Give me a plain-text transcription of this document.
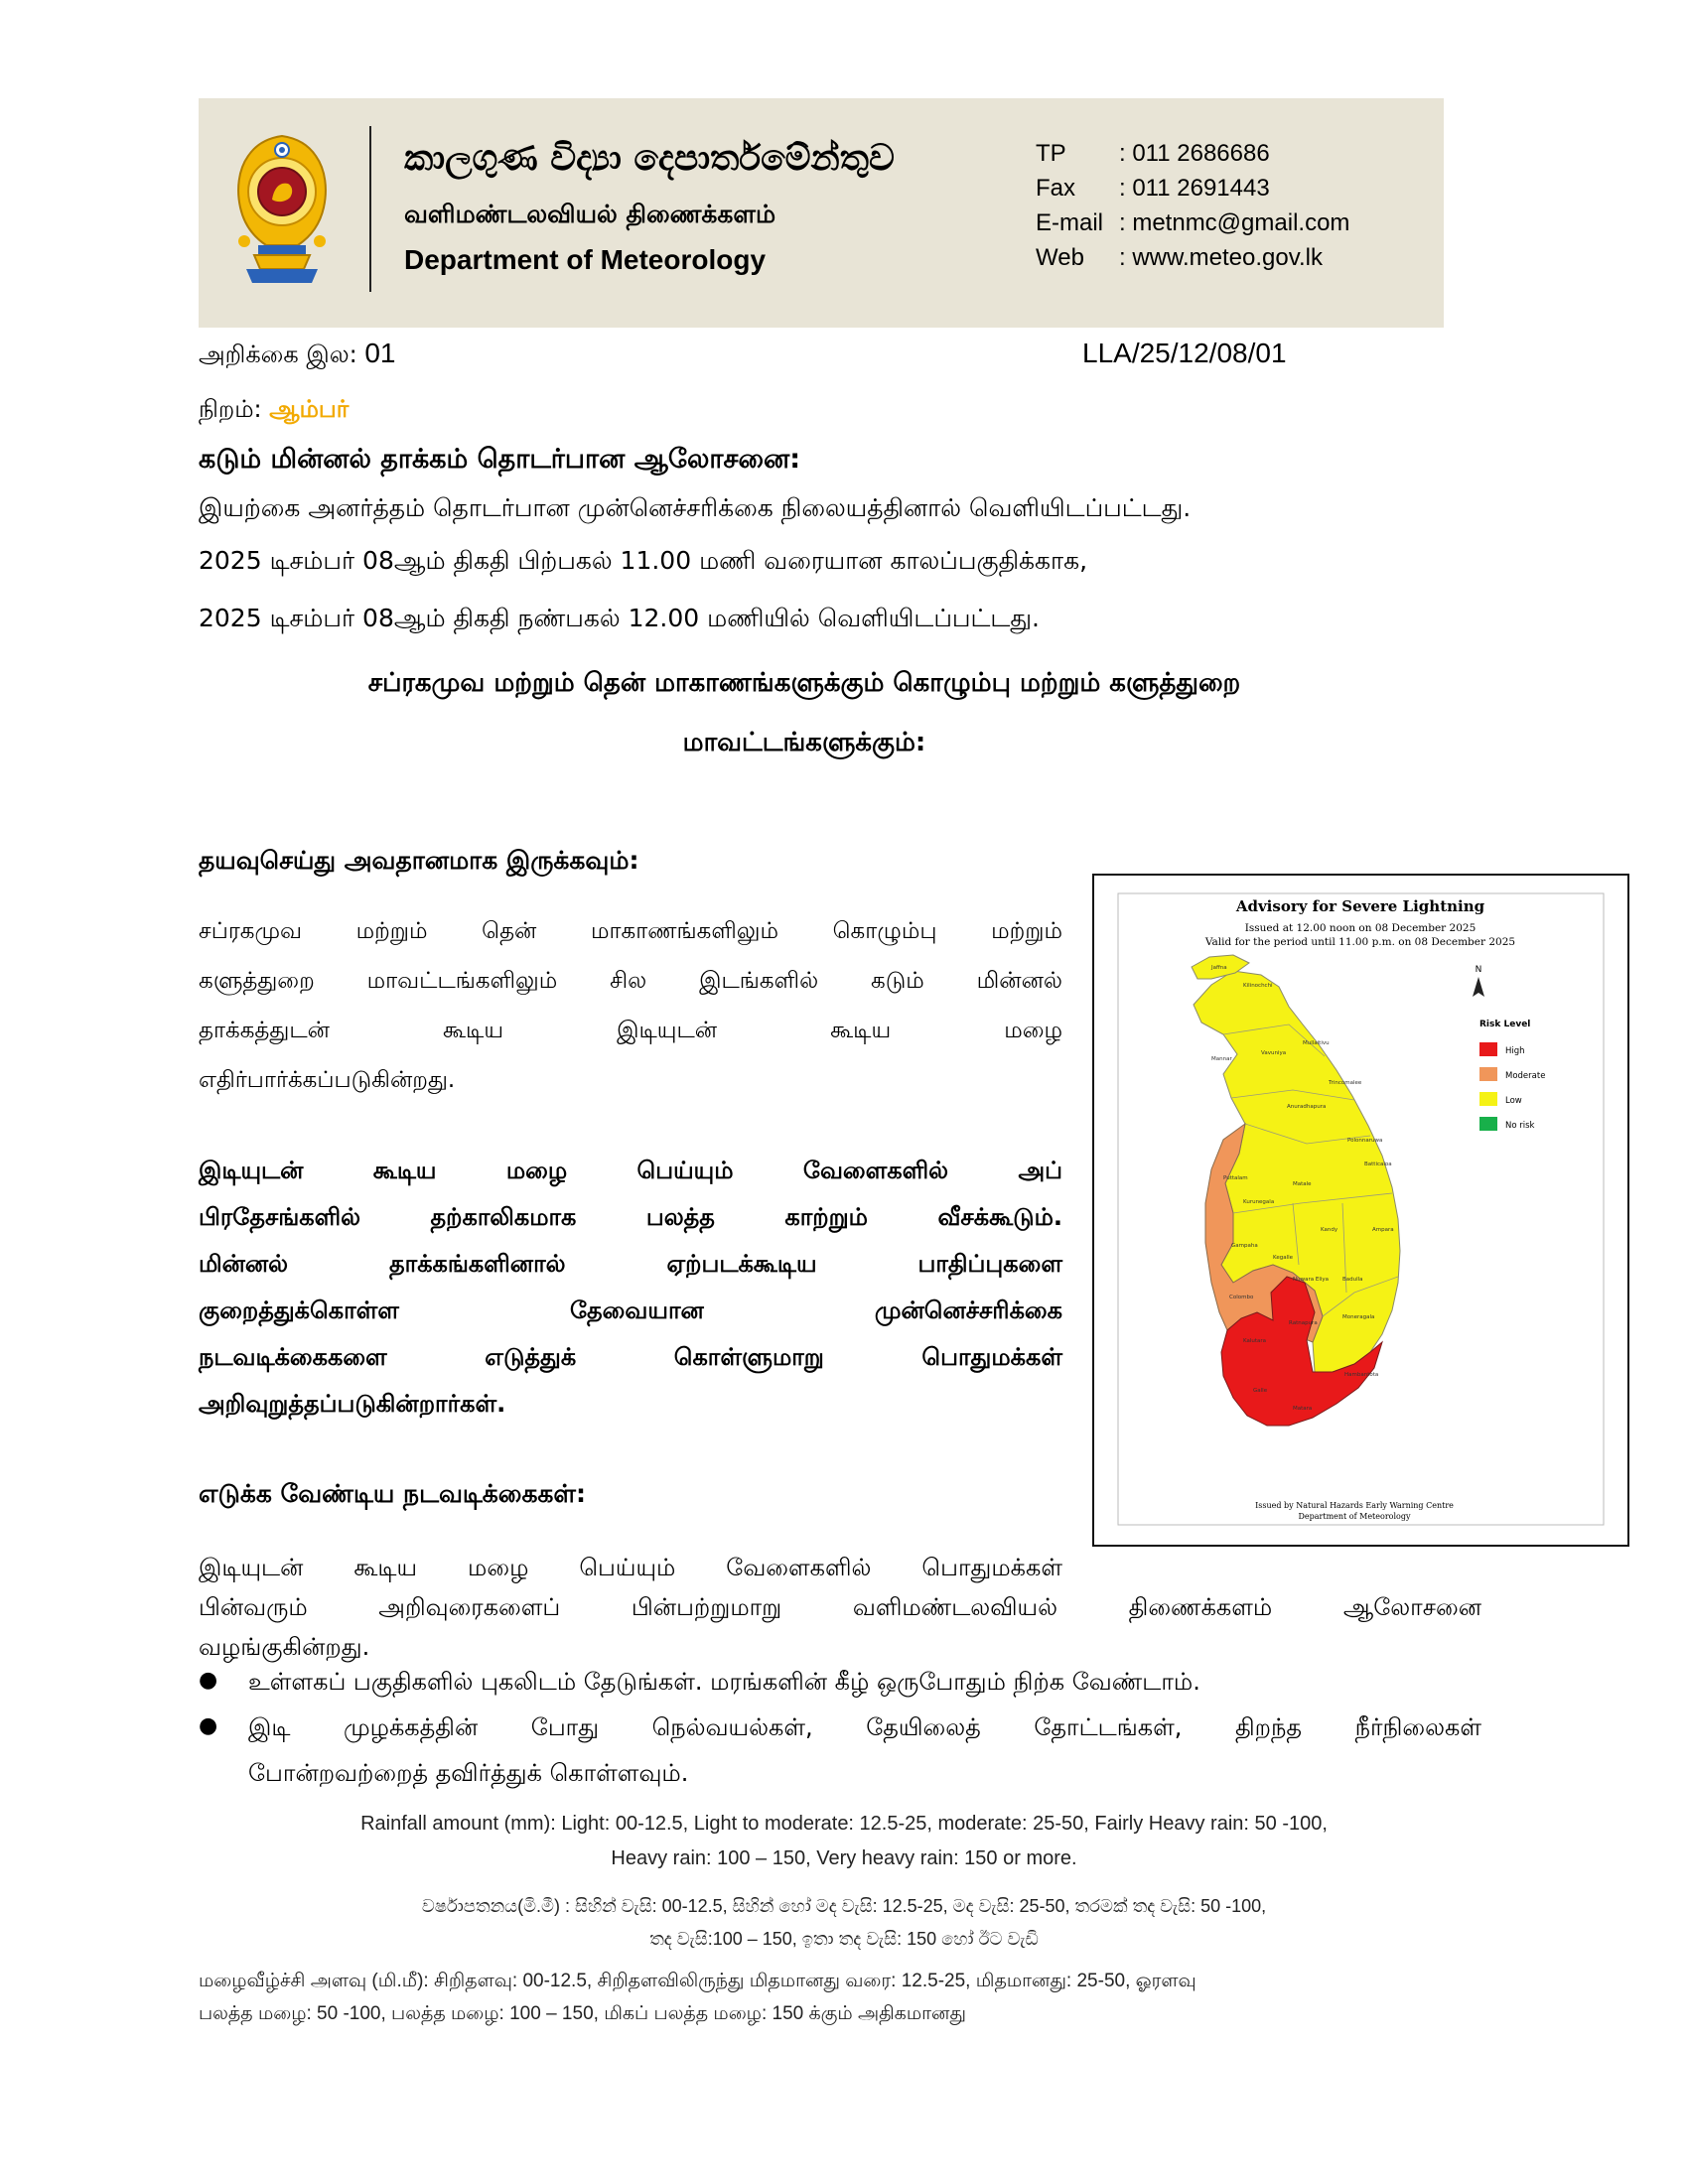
කාලගුණ විද්‍යා දෙපාර්තමේන්තුව
வளிமண்டலவியல் திணைக்களம்
Department of Meteorology
TP : 011 2686686
Fax : 011 2691443
E-mail : metnmc@gmail.com
Web : www.meteo.gov.lk
அறிக்கை இல: 01	LLA/25/12/08/01
நிறம்: ஆம்பர்
கடும் மின்னல் தாக்கம் தொடர்பான ஆலோசனை:
இயற்கை அனர்த்தம் தொடர்பான முன்னெச்சரிக்கை நிலையத்தினால் வெளியிடப்பட்டது.
2025 டிசம்பர் 08ஆம் திகதி பிற்பகல் 11.00 மணி வரையான காலப்பகுதிக்காக,
2025 டிசம்பர் 08ஆம் திகதி நண்பகல் 12.00 மணியில் வெளியிடப்பட்டது.
சப்ரகமுவ மற்றும் தென் மாகாணங்களுக்கும் கொழும்பு மற்றும் களுத்துறை
மாவட்டங்களுக்கும்:
தயவுசெய்து அவதானமாக இருக்கவும்:
சப்ரகமுவ மற்றும் தென் மாகாணங்களிலும் கொழும்பு மற்றும்
களுத்துறை மாவட்டங்களிலும் சில இடங்களில் கடும் மின்னல்
தாக்கத்துடன் கூடிய இடியுடன் கூடிய மழை
எதிர்பார்க்கப்படுகின்றது.
இடியுடன் கூடிய மழை பெய்யும் வேளைகளில் அப்
பிரதேசங்களில் தற்காலிகமாக பலத்த காற்றும் வீசக்கூடும்.
மின்னல் தாக்கங்களினால் ஏற்படக்கூடிய பாதிப்புகளை
குறைத்துக்கொள்ள தேவையான முன்னெச்சரிக்கை
நடவடிக்கைகளை எடுத்துக் கொள்ளுமாறு பொதுமக்கள்
அறிவுறுத்தப்படுகின்றார்கள்.
எடுக்க வேண்டிய நடவடிக்கைகள்:
இடியுடன் கூடிய மழை பெய்யும் வேளைகளில் பொதுமக்கள்
பின்வரும் அறிவுரைகளைப் பின்பற்றுமாறு வளிமண்டலவியல் திணைக்களம் ஆலோசனை
வழங்குகின்றது.
● உள்ளகப் பகுதிகளில் புகலிடம் தேடுங்கள். மரங்களின் கீழ் ஒருபோதும் நிற்க வேண்டாம்.
● இடி முழக்கத்தின் போது நெல்வயல்கள், தேயிலைத் தோட்டங்கள், திறந்த நீர்நிலைகள்
போன்றவற்றைத் தவிர்த்துக் கொள்ளவும்.
Advisory for Severe Lightning
Issued at 12.00 noon on 08 December 2025
Valid for the period until 11.00 p.m. on 08 December 2025
Jaffna
Kilinochchi
Mullaitivu
Mannar
Vavuniya
Trincomalee
Anuradhapura
Puttalam
Polonnaruwa
Kurunegala
Batticaloa
Matale
Kandy	Ampara
Gampaha
Kegalle
Badulla
Colombo
Nuwara Eliya
Moneragala
Kalutara
Ratnapura
Galle
Matara
Hambantota
N
Risk Level
High
Moderate
Low
No risk
Issued by Natural Hazards Early Warning Centre
Department of Meteorology
Rainfall amount (mm): Light: 00-12.5, Light to moderate: 12.5-25, moderate: 25-50, Fairly Heavy rain: 50 -100,
Heavy rain: 100 – 150, Very heavy rain: 150 or more.
වර්ෂාපතනය(මි.මී) : සිහින් වැසි: 00-12.5, සිහින් හෝ මද වැසි: 12.5-25, මද වැසි: 25-50, තරමක් තද වැසි: 50 -100,
තද වැසි:100 – 150, ඉතා තද වැසි: 150 හෝ ඊට වැඩි
மழைவீழ்ச்சி அளவு (மி.மீ): சிறிதளவு: 00-12.5, சிறிதளவிலிருந்து மிதமானது வரை: 12.5-25, மிதமானது: 25-50, ஓரளவு
பலத்த மழை: 50 -100, பலத்த மழை: 100 – 150, மிகப் பலத்த மழை: 150 க்கும் அதிகமானது
